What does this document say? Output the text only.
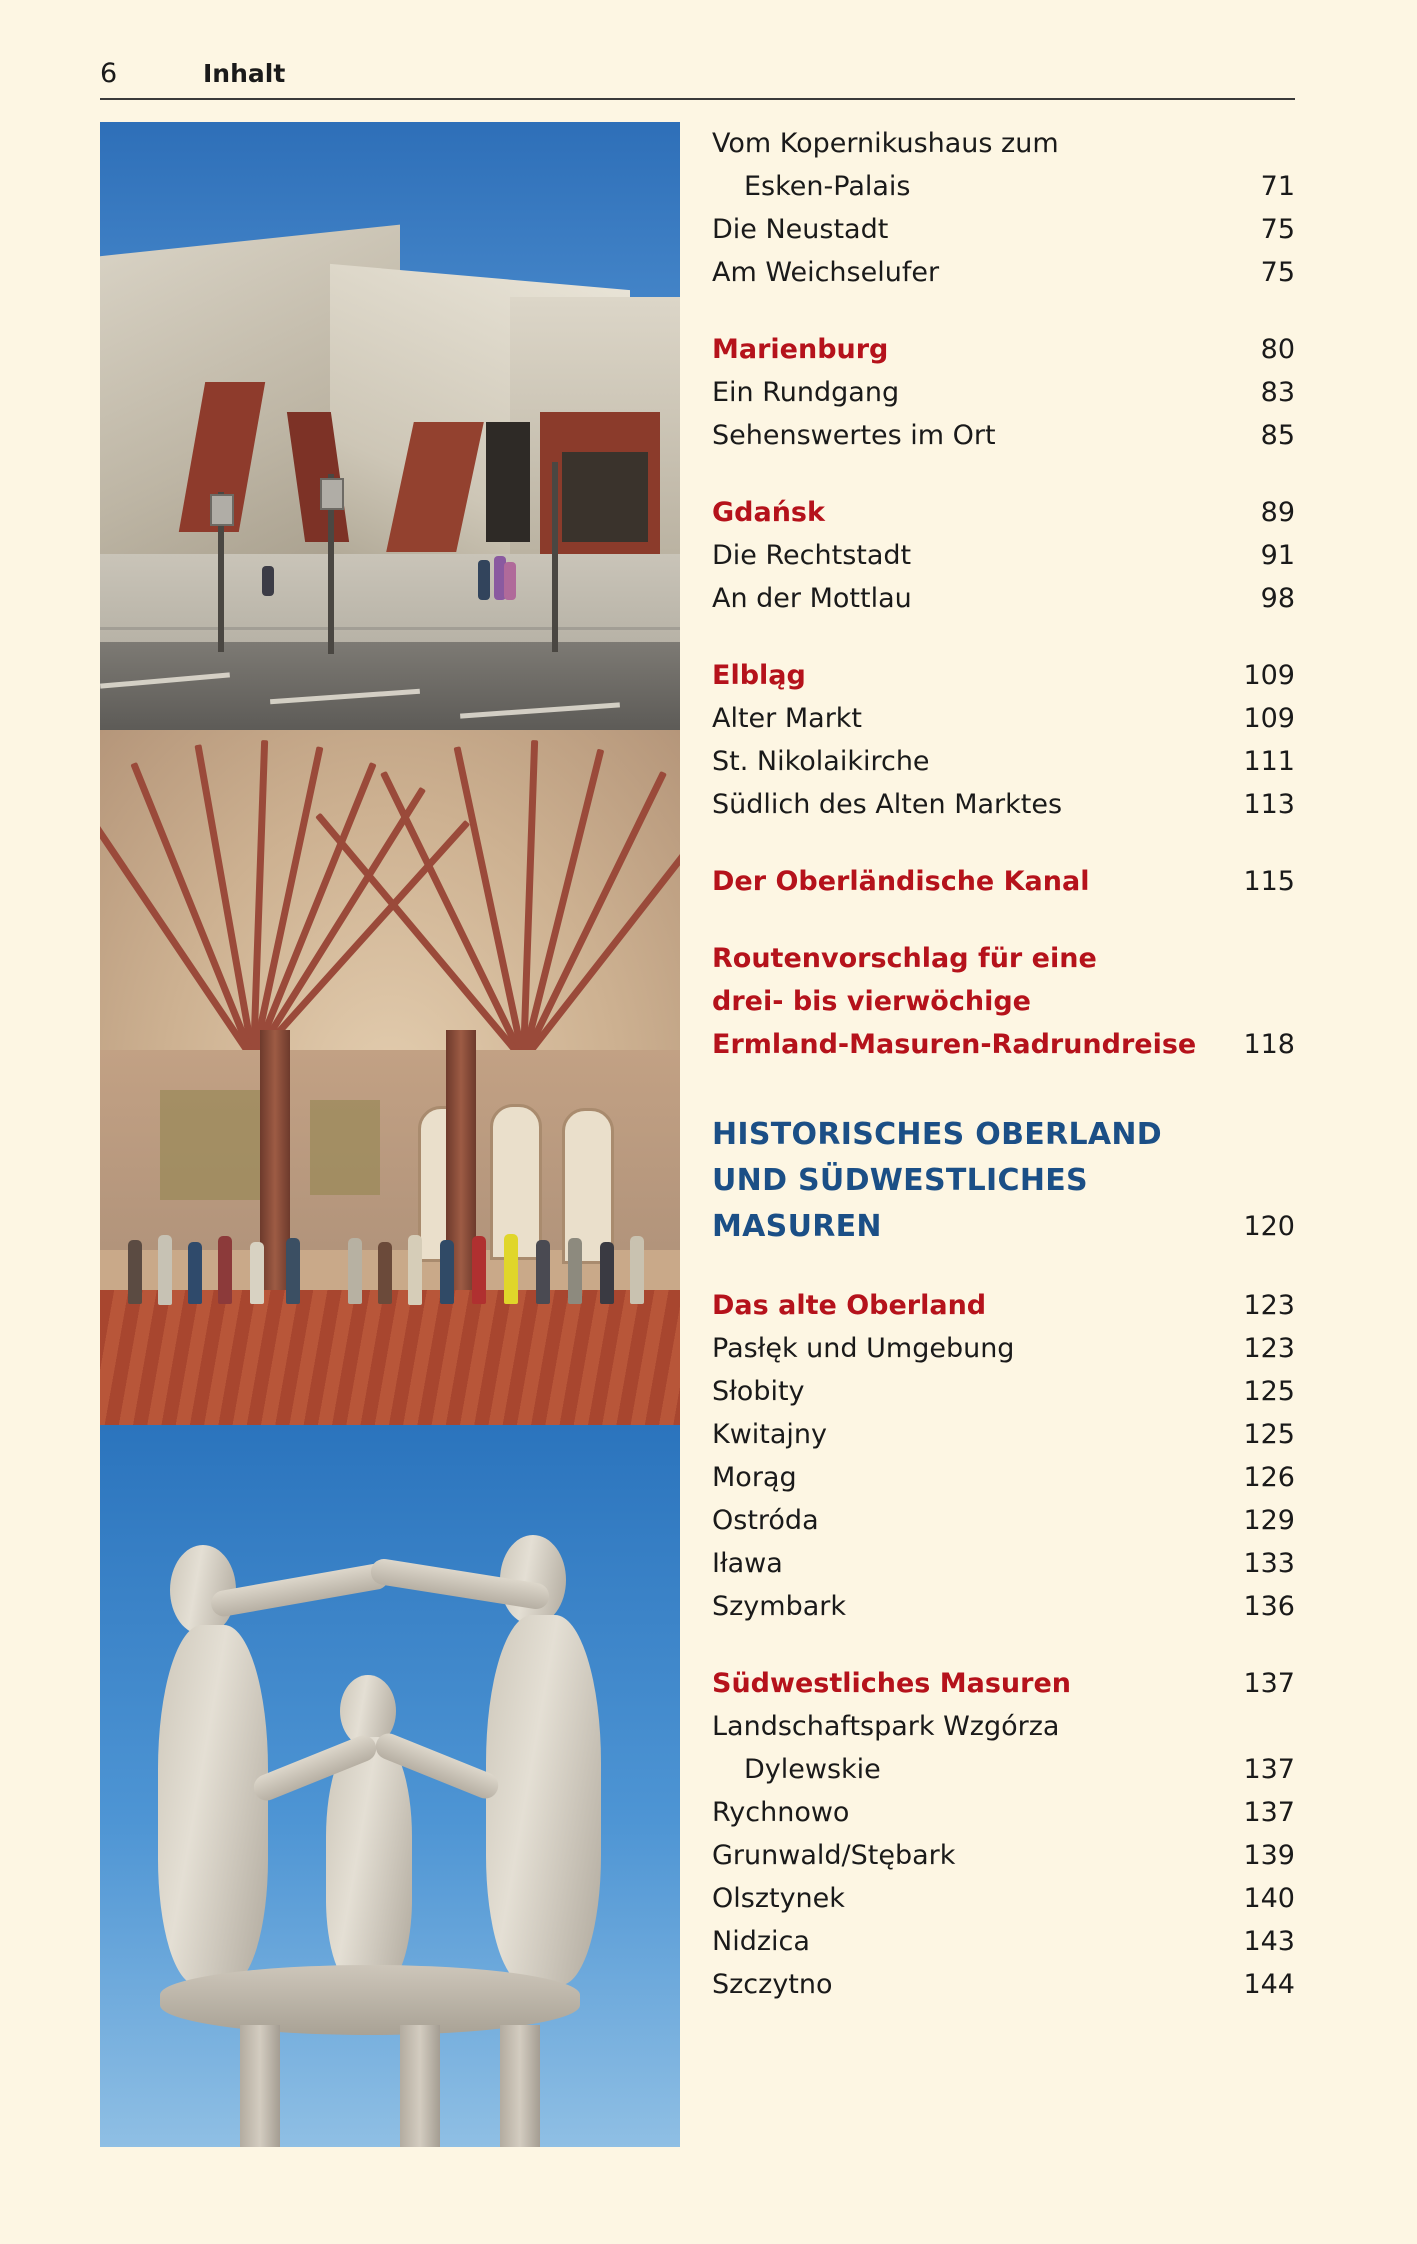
6	Inhalt
Vom Kopernikushaus zum
Esken-Palais	71
Die Neustadt	75
Am Weichselufer	75
Marienburg	80
Ein Rundgang	83
Sehenswertes im Ort	85
Gdańsk	89
Die Rechtstadt	91
An der Mottlau	98
Elbląg	109
Alter Markt	109
St. Nikolaikirche	111
Südlich des Alten Marktes	113
Der Oberländische Kanal	115
Routenvorschlag für eine
drei- bis vierwöchige
Ermland-Masuren-Radrundreise	118
HISTORISCHES OBERLAND
UND SÜDWESTLICHES
MASUREN	120
Das alte Oberland	123
Pasłęk und Umgebung	123
Słobity	125
Kwitajny	125
Morąg	126
Ostróda	129
Iława	133
Szymbark	136
Südwestliches Masuren	137
Landschaftspark Wzgórza
Dylewskie	137
Rychnowo	137
Grunwald/Stębark	139
Olsztynek	140
Nidzica	143
Szczytno	144
